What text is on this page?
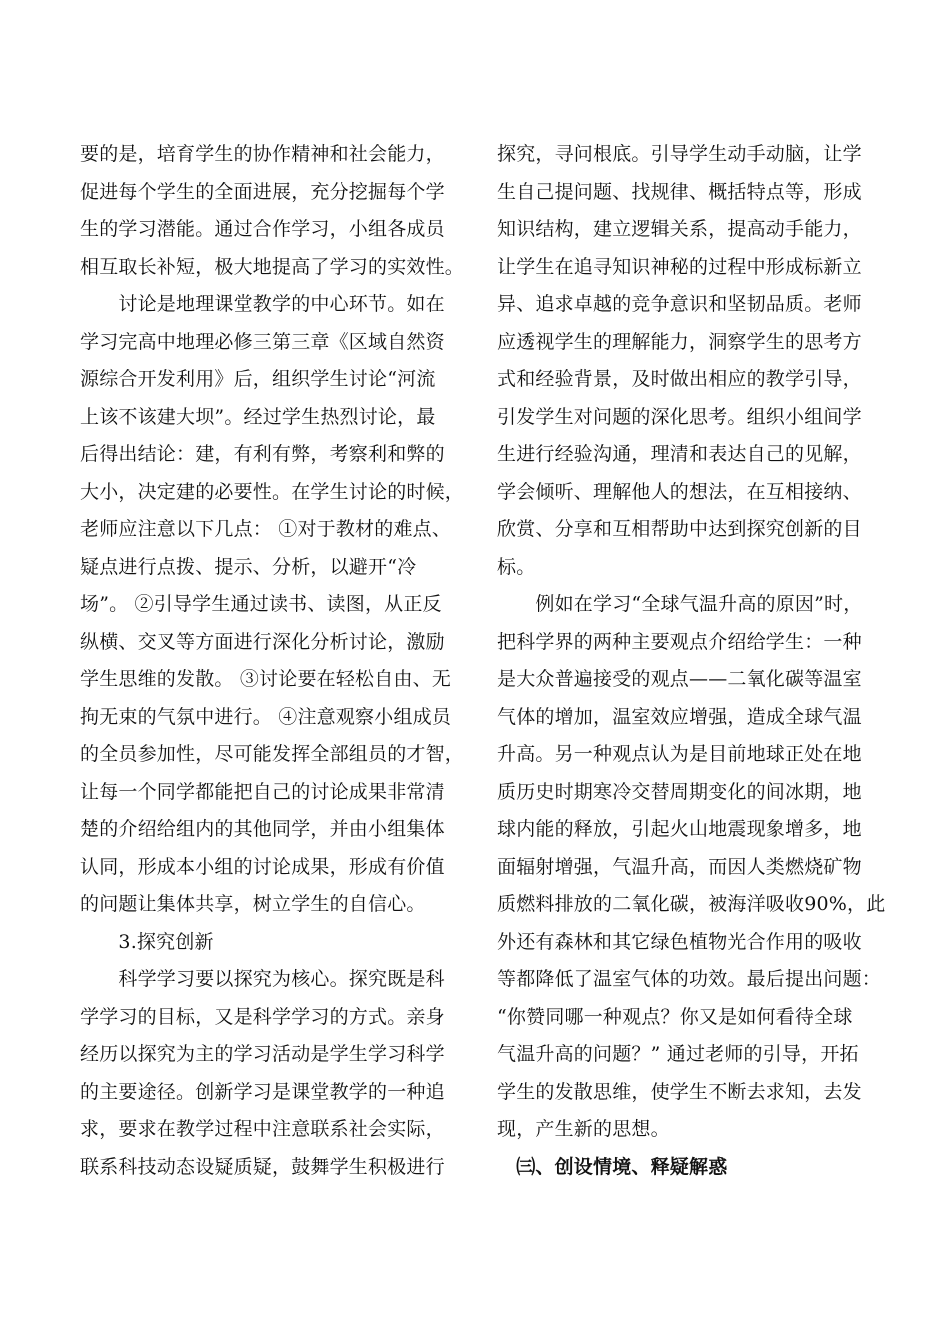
要的是，培育学生的协作精神和社会能力，
促进每个学生的全面进展，充分挖掘每个学
生的学习潜能。通过合作学习，小组各成员
相互取长补短，极大地提高了学习的实效性。
　　讨论是地理课堂教学的中心环节。如在
学习完高中地理必修三第三章《区域自然资
源综合开发利用》后，组织学生讨论“河流
上该不该建大坝”。经过学生热烈讨论，最
后得出结论：建，有利有弊，考察利和弊的
大小，决定建的必要性。在学生讨论的时候，
老师应注意以下几点： ①对于教材的难点、
疑点进行点拨、提示、分析，以避开“冷
场”。 ②引导学生通过读书、读图，从正反
纵横、交叉等方面进行深化分析讨论，激励
学生思维的发散。 ③讨论要在轻松自由、无
拘无束的气氛中进行。 ④注意观察小组成员
的全员参加性，尽可能发挥全部组员的才智，
让每一个同学都能把自己的讨论成果非常清
楚的介绍给组内的其他同学，并由小组集体
认同，形成本小组的讨论成果，形成有价值
的问题让集体共享，树立学生的自信心。
　　3.探究创新
　　科学学习要以探究为核心。探究既是科
学学习的目标，又是科学学习的方式。亲身
经历以探究为主的学习活动是学生学习科学
的主要途径。创新学习是课堂教学的一种追
求，要求在教学过程中注意联系社会实际，
联系科技动态设疑质疑，鼓舞学生积极进行
探究，寻问根底。引导学生动手动脑，让学
生自己提问题、找规律、概括特点等，形成
知识结构，建立逻辑关系，提高动手能力，
让学生在追寻知识神秘的过程中形成标新立
异、追求卓越的竞争意识和坚韧品质。老师
应透视学生的理解能力，洞察学生的思考方
式和经验背景，及时做出相应的教学引导，
引发学生对问题的深化思考。组织小组间学
生进行经验沟通，理清和表达自己的见解，
学会倾听、理解他人的想法，在互相接纳、
欣赏、分享和互相帮助中达到探究创新的目
标。
　　例如在学习“全球气温升高的原因”时，
把科学界的两种主要观点介绍给学生：一种
是大众普遍接受的观点——二氧化碳等温室
气体的增加，温室效应增强，造成全球气温
升高。另一种观点认为是目前地球正处在地
质历史时期寒冷交替周期变化的间冰期，地
球内能的释放，引起火山地震现象增多，地
面辐射增强，气温升高，而因人类燃烧矿物
质燃料排放的二氧化碳，被海洋吸收90%，此
外还有森林和其它绿色植物光合作用的吸收
等都降低了温室气体的功效。最后提出问题：
“你赞同哪一种观点？你又是如何看待全球
气温升高的问题？” 通过老师的引导，开拓
学生的发散思维，使学生不断去求知，去发
现，产生新的思想。
　㈢、创设情境、释疑解惑
